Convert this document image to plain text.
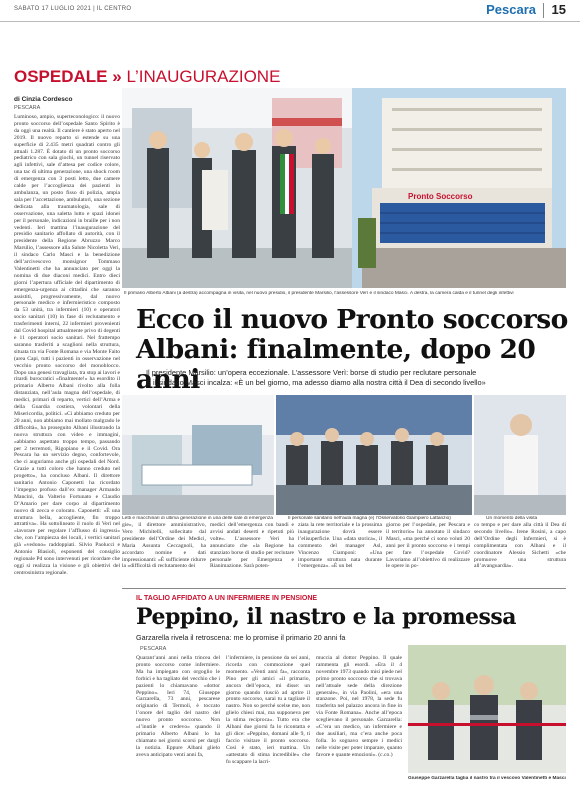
SABATO 17 LUGLIO 2021 | IL CENTRO	Pescara 15
OSPEDALE » L’INAUGURAZIONE
di Cinzia Cordesco
PESCARA
Luminoso, ampio, superteconologico: il nuovo pronto soccorso dell’ospedale Santo Spirito è da oggi una realtà. Il cantiere è stato aperto nel 2019. Il nuovo reparto si estende su una superficie di 2.435 metri quadrati contro gli attuali 1.287. È dotato di un pronto soccorso pediatrico con sala giochi, un tunnel riservato agli infettivi, sale d’attesa per codice colore, una tac di ultima generazione, una shock room di emergenza con 3 posti letto, due camere calde per l’accoglienza dei pazienti in ambulanza, un posto fisso di polizia, ampia sala per l’accettazione, ambulatori, una sezione dedicata alla traumatologia, sale di osservazione, una saletta lutto e spazi idonei per il personale, indicazioni in braille per i non vedenti. Ieri mattina l’inaugurazione del presidio sanitario affollato di autorità, con il presidente della Regione Abruzzo Marco Marsilio, l’assessore alla Salute Nicoletta Verì, il sindaco Carlo Masci e la benedizione dell’arcivescovo monsignor Tommaso Valentinetti che ha annunciato per oggi la nomina di due diaconi medici. Entro dieci giorni l’apertura ufficiale del dipartimento di emergenza-urgenza ai cittadini che saranno assistiti, progressivamente, dal nuovo personale medico e infermieristico composto da 53 unità, tra infermieri (10) e operatori socio sanitari (10) in fase di reclutamento e trasferimenti interni, 22 infermieri provenienti dal Covid hospital attualmente privo di degenti e 11 operatori socio sanitari. Nel frattempo saranno trasferiti a scaglioni nella struttura, situata tra via Fonte Romana e via Monte Faito (area Capi, tutti i pazienti in osservazione nel vecchio pronto soccorso del monoblocco. Dopo una genesi travagliata, tra stop ai lavori e ritardi burocratici «finalmente!» ha esordito il primario Alberto Albani rivolto alla folla distanziata, nell’aula magna dell’ospedale, di medici, primari di reparto, vertici dell’Arma e della Guardia costiera, volontari della Misericordia, politici. «Ci abbiamo creduto per 20 anni, non abbiamo mai mollato malgrado le difficoltà», ha proseguito Albani illustrando la nuova struttura con video e immagini, «abbiamo aspettato troppo tempo, passando per 2 terremoti, Rigopiano e il Covid. Ora Pescara ha un servizio degno, confortevole, che ci auguriamo anche gli ospedali del Nord. Grazie a tutti coloro che hanno creduto nel progetto», ha concluso Albani. Il direttore sanitario Antonio Caponetti ha ricordato l’impegno profuso dall’ex manager Armando Mancini, da Valterio Fortunato e Claudio D’Amario per dare corpo al dipartimento nuovo di zecca e colorato. Caponetti: «È una struttura bella, accogliente, fin troppo attrattiva». Ha sottolineato il ruolo di Verì nel «lavorare per regolare l’afflusso di ingressi» che, con l’ampiezza dei locali, i vertici sanitari già «vedono» raddoppiati. Silvio Paolucci e Antonio Blasioli, esponenti del consiglio regionale Pd sono intervenuti per ricordare che oggi si realizza la visione e gli obiettivi del centrosinistra regionale.
Pronto Soccorso
Il primario Alberto Albani (a destra) accompagna in visita, nel nuovo presidio, il presidente Marsilio, l’assessore Verì e il sindaco Masci. A destra, la camera calda e il tunnel degli infettivi
Ecco il nuovo Pronto soccorso
Albani: finalmente, dopo 20 anni
Il presidente Marsilio: un’opera eccezionale. L’assessore Verì: borse di studio per reclutare personale
E il sindaco Masci incalza: «È un bel giorno, ma adesso diamo alla nostra città il Dea di secondo livello»
Letti e macchinari di ultima generazione in una delle sale di emergenza	Il personale sanitario nell’aula magna (e) l’Osservatorio Giampiero Lattanzio)	Un momento della visita
gie», il direttore amministrativo, Vero Michitelli, sollecitato dal presidente dell’Ordine dei Medici, Maria Assunta Ceccagnoli, ha accordato nomine e dati impressionanti: «È sufficiente ridurre la «difficoltà di reclutamento dei
medici dell’emergenza con bandi e avvisi andati deserti e ripetuti più volte». L’assessore Verì ha annunciato che «la Regione ha stanziato borse di studio per reclutare personale per Emergenza e Rianimazione. Sarà poten-
ziata la rete territoriale e la prossima inaugurazione dovrà essere l’elisuperficie. Una «data storica», il commento del manager Asl, Vincenzo Ciamponi: «Una importante struttura nata durante l’emergenza». «È un bel
giorno per l’ospedale, per Pescara e il territorio» ha annotato il sindaco Masci, «ma perché ci sono voluti 20 anni per il pronto soccorso e i tempi per fare l’ospedale Covid? Lavoriamo all’obiettivo di realizzare le opere in po-
co tempo e per dare alla città il Dea di secondo livello». Irene Rosini, a capo dell’Ordine degli Infermieri, si è complimentata con Albani e il coordinatore Alessio Sichetti «che promuove una struttura all’avanguardia».
IL TAGLIO AFFIDATO A UN INFERMIERE IN PENSIONE
Peppino, il nastro e la promessa
Garzarella rivela il retroscena: me lo promise il primario 20 anni fa
PESCARA
Quarant’anni anni nella trincea del pronto soccorso come infermiere. Ma ha impiegato con orgoglio le forbici e ha tagliato del vecchio che i pazienti lo chiamavano «dottor Peppino». Ieri 74, Giuseppe Garzarella, 73 anni, pescarese originario di Termoli, è toccato l’onore del taglio del nastro del nuovo pronto soccorso. Non «l’inutile e credevo» quando il primario Alberto Albani lo ha chiamato nei giorni scorsi per dargli la notizia. Eppure Albani glielo aveva anticipato venti anni fa,
l’infermiere, in pensione da sei anni, ricorda con commozione quel momento. «Venti anni fa», racconta Pino per gli amici «il primario, ancora dell’epoca, mi disse: un giorno quando riusciò ad aprire il pronto soccorso, sarai tu a tagliare il nastro. Non so perché scelse me, non glielo chiesi mai, ma supponeva per la stima reciproca». Tutto era che Albani due giorni fa lo ricontatta e gli dice: «Peppino, domani alle 9, ti faccio visitare il pronto soccorso. Così è stato, ieri mattina. Un «attestato di stima incredibile» che fu scappare la lacri-
muccia al dottor Peppino. Il quale rammenta gli esordi. «Era il 4 novembre 1973 quando misi piede nel primo pronto soccorso che si trovava nell’attuale sede della direzione generale», in via Paolini, «era una stanzone. Poi, nel 1978, la sede fu trasferita nel palazzo ancora in fine in via Fonte Romana». Anche all’epoca sceglievano il personale. Garzarella: «C’era un medico, un infermiere e due ausiliari, ma c’era anche poca folla. Io sognavo sempre i medici nelle visite per poter imparare, quanto favore e quante emozioni». (c.co.)
Giuseppe Garzarella taglia il nastro tra il vescovo Valentinetti e Masci
